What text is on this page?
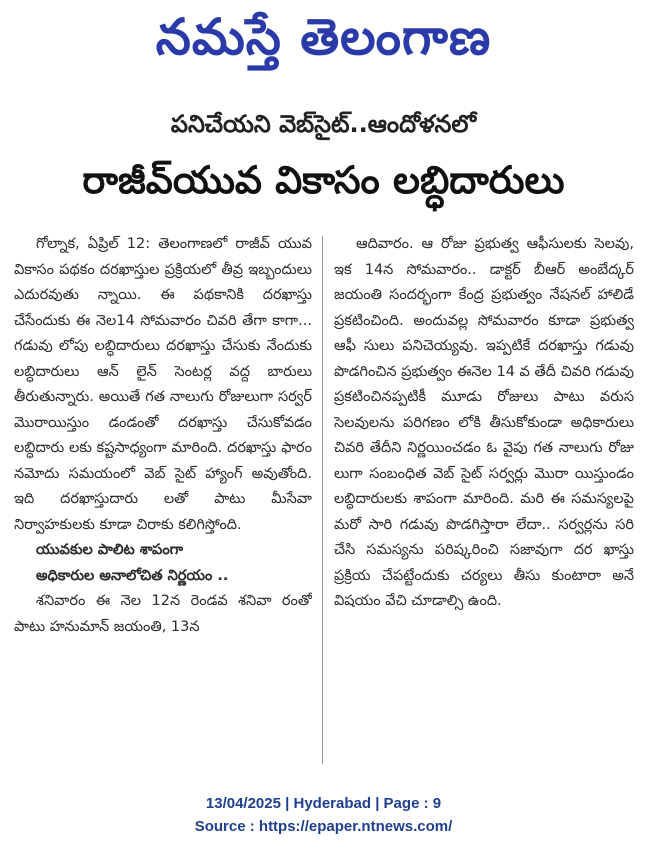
నమస్తే తెలంగాణ
పనిచేయని వెబ్‌సైట్..ఆందోళనలో
రాజీవ్‌యువ వికాసం లబ్ధిదారులు

గోల్నాక, ఏప్రిల్ 12: తెలంగాణలో రాజీవ్ యువ వికాసం పథకం దరఖాస్తుల ప్రక్రియలో తీవ్ర ఇబ్బందులు ఎదురవుతు న్నాయి. ఈ పథకానికి దరఖాస్తు చేసేందుకు ఈ నెల14 సోమవారం చివరి తేగా కాగా... గడువు లోపు లబ్ధిదారులు దరఖాస్తు చేసుకు నేందుకు లబ్ధిదారులు ఆన్ లైన్ సెంటర్ల వద్ద బారులు తీరుతున్నారు. అయితే గత నాలుగు రోజులుగా సర్వర్ మొరాయిస్తుం డండంతో దరఖాస్తు చేసుకోవడం లబ్ధిదారు లకు కష్టసాధ్యంగా మారింది. దరఖాస్తు ఫారం నమోదు సమయంలో వెబ్ సైట్ హ్యాంగ్ అవుతోంది. ఇది దరఖాస్తుదారు లతో పాటు మీసేవా నిర్వాహకులకు కూడా చిరాకు కలిగిస్తోంది.

యువకుల పాలిట శాపంగా

అధికారుల అనాలోచిత నిర్ణయం ..

శనివారం ఈ నెల 12న రెండవ శనివా రంతో పాటు హనుమాన్ జయంతి, 13న

ఆదివారం. ఆ రోజు ప్రభుత్వ ఆఫీసులకు సెలవు, ఇక 14న సోమవారం.. డాక్టర్ బీఆర్ అంబేద్కర్ జయంతి సందర్భంగా కేంద్ర ప్రభుత్వం నేషనల్ హాలిడే ప్రకటించింది. అందువల్ల సోమవారం కూడా ప్రభుత్వ ఆఫీ సులు పనిచెయ్యవు. ఇప్పటికే దరఖాస్తు గడువు పొడగించిన ప్రభుత్వం ఈనెల 14 వ తేదీ చివరి గడువు ప్రకటించినప్పటికీ మూడు రోజులు పాటు వరుస సెలవులను పరిగణం లోకి తీసుకోకుండా అధికారులు చివరి తేదీని నిర్ణయించడం ఓ వైపు గత నాలుగు రోజు లుగా సంబంధిత వెబ్ సైట్ సర్వర్లు మొరా యిస్తుండం లబ్ధిదారులకు శాపంగా మారింది. మరి ఈ సమస్యలపై మరో సారి గడువు పొడగిస్తారా లేదా.. సర్వర్లను సరి చేసి సమస్యను పరిష్కరించి సజావుగా దర ఖాస్తు ప్రక్రియ చేపట్టేందుకు చర్యలు తీసు కుంటారా అనే విషయం వేచి చూడాల్సి ఉంది.

13/04/2025 | Hyderabad | Page : 9
Source : https://epaper.ntnews.com/
